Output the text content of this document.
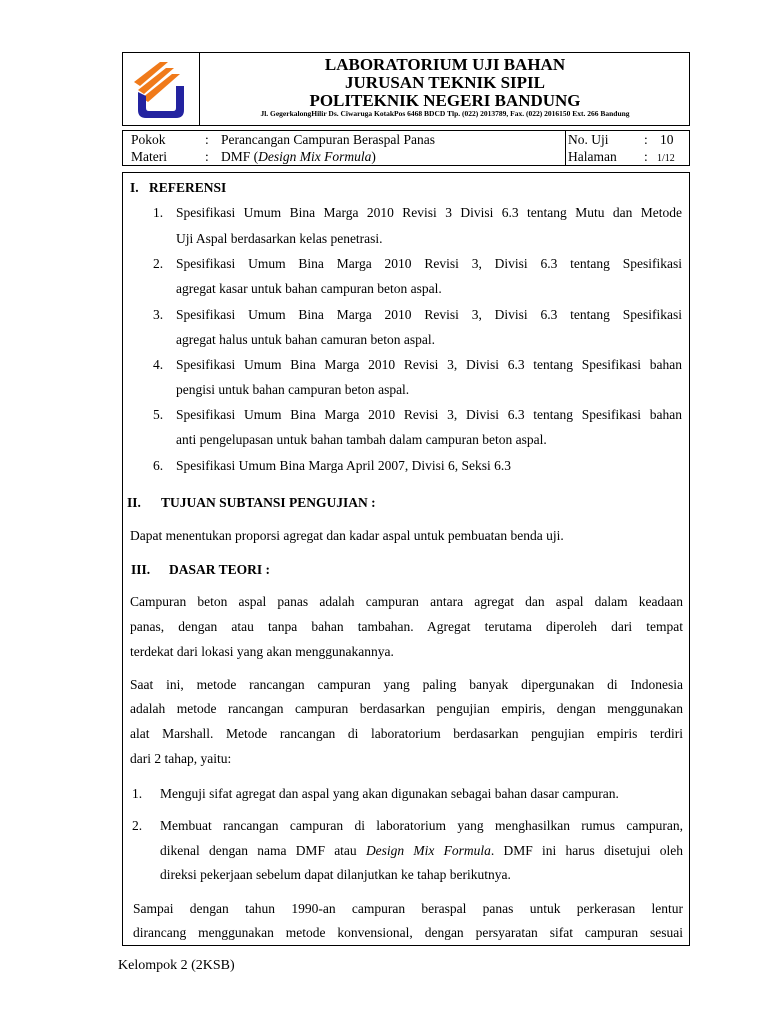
LABORATORIUM UJI BAHAN
JURUSAN TEKNIK SIPIL
POLITEKNIK NEGERI BANDUNG
Jl. GegerkalongHilir Ds. Ciwaruga KotakPos 6468 BDCD Tlp. (022) 2013789, Fax. (022) 2016150 Ext. 266 Bandung
Pokok
Materi
:
:
Perancangan Campuran Beraspal Panas
DMF (Design Mix Formula)
No. Uji	: 10
Halaman : 1/12
I. REFERENSI
1. Spesifikasi Umum Bina Marga 2010 Revisi 3 Divisi 6.3 tentang Mutu dan Metode
Uji Aspal berdasarkan kelas penetrasi.
2. Spesifikasi Umum Bina Marga 2010 Revisi 3, Divisi 6.3 tentang Spesifikasi
agregat kasar untuk bahan campuran beton aspal.
3. Spesifikasi Umum Bina Marga 2010 Revisi 3, Divisi 6.3 tentang Spesifikasi
agregat halus untuk bahan camuran beton aspal.
4. Spesifikasi Umum Bina Marga 2010 Revisi 3, Divisi 6.3 tentang Spesifikasi bahan
pengisi untuk bahan campuran beton aspal.
5. Spesifikasi Umum Bina Marga 2010 Revisi 3, Divisi 6.3 tentang Spesifikasi bahan
anti pengelupasan untuk bahan tambah dalam campuran beton aspal.
6. Spesifikasi Umum Bina Marga April 2007, Divisi 6, Seksi 6.3
II. TUJUAN SUBTANSI PENGUJIAN :
Dapat menentukan proporsi agregat dan kadar aspal untuk pembuatan benda uji.
III. DASAR TEORI :
Campuran beton aspal panas adalah campuran antara agregat dan aspal dalam keadaan
panas, dengan atau tanpa bahan tambahan. Agregat terutama diperoleh dari tempat
terdekat dari lokasi yang akan menggunakannya.
Saat ini, metode rancangan campuran yang paling banyak dipergunakan di Indonesia
adalah metode rancangan campuran berdasarkan pengujian empiris, dengan menggunakan
alat Marshall. Metode rancangan di laboratorium berdasarkan pengujian empiris terdiri
dari 2 tahap, yaitu:
1. Menguji sifat agregat dan aspal yang akan digunakan sebagai bahan dasar campuran.
2. Membuat rancangan campuran di laboratorium yang menghasilkan rumus campuran,
dikenal dengan nama DMF atau Design Mix Formula. DMF ini harus disetujui oleh
direksi pekerjaan sebelum dapat dilanjutkan ke tahap berikutnya.
Sampai dengan tahun 1990-an campuran beraspal panas untuk perkerasan lentur
dirancang menggunakan metode konvensional, dengan persyaratan sifat campuran sesuai
Kelompok 2 (2KSB)
